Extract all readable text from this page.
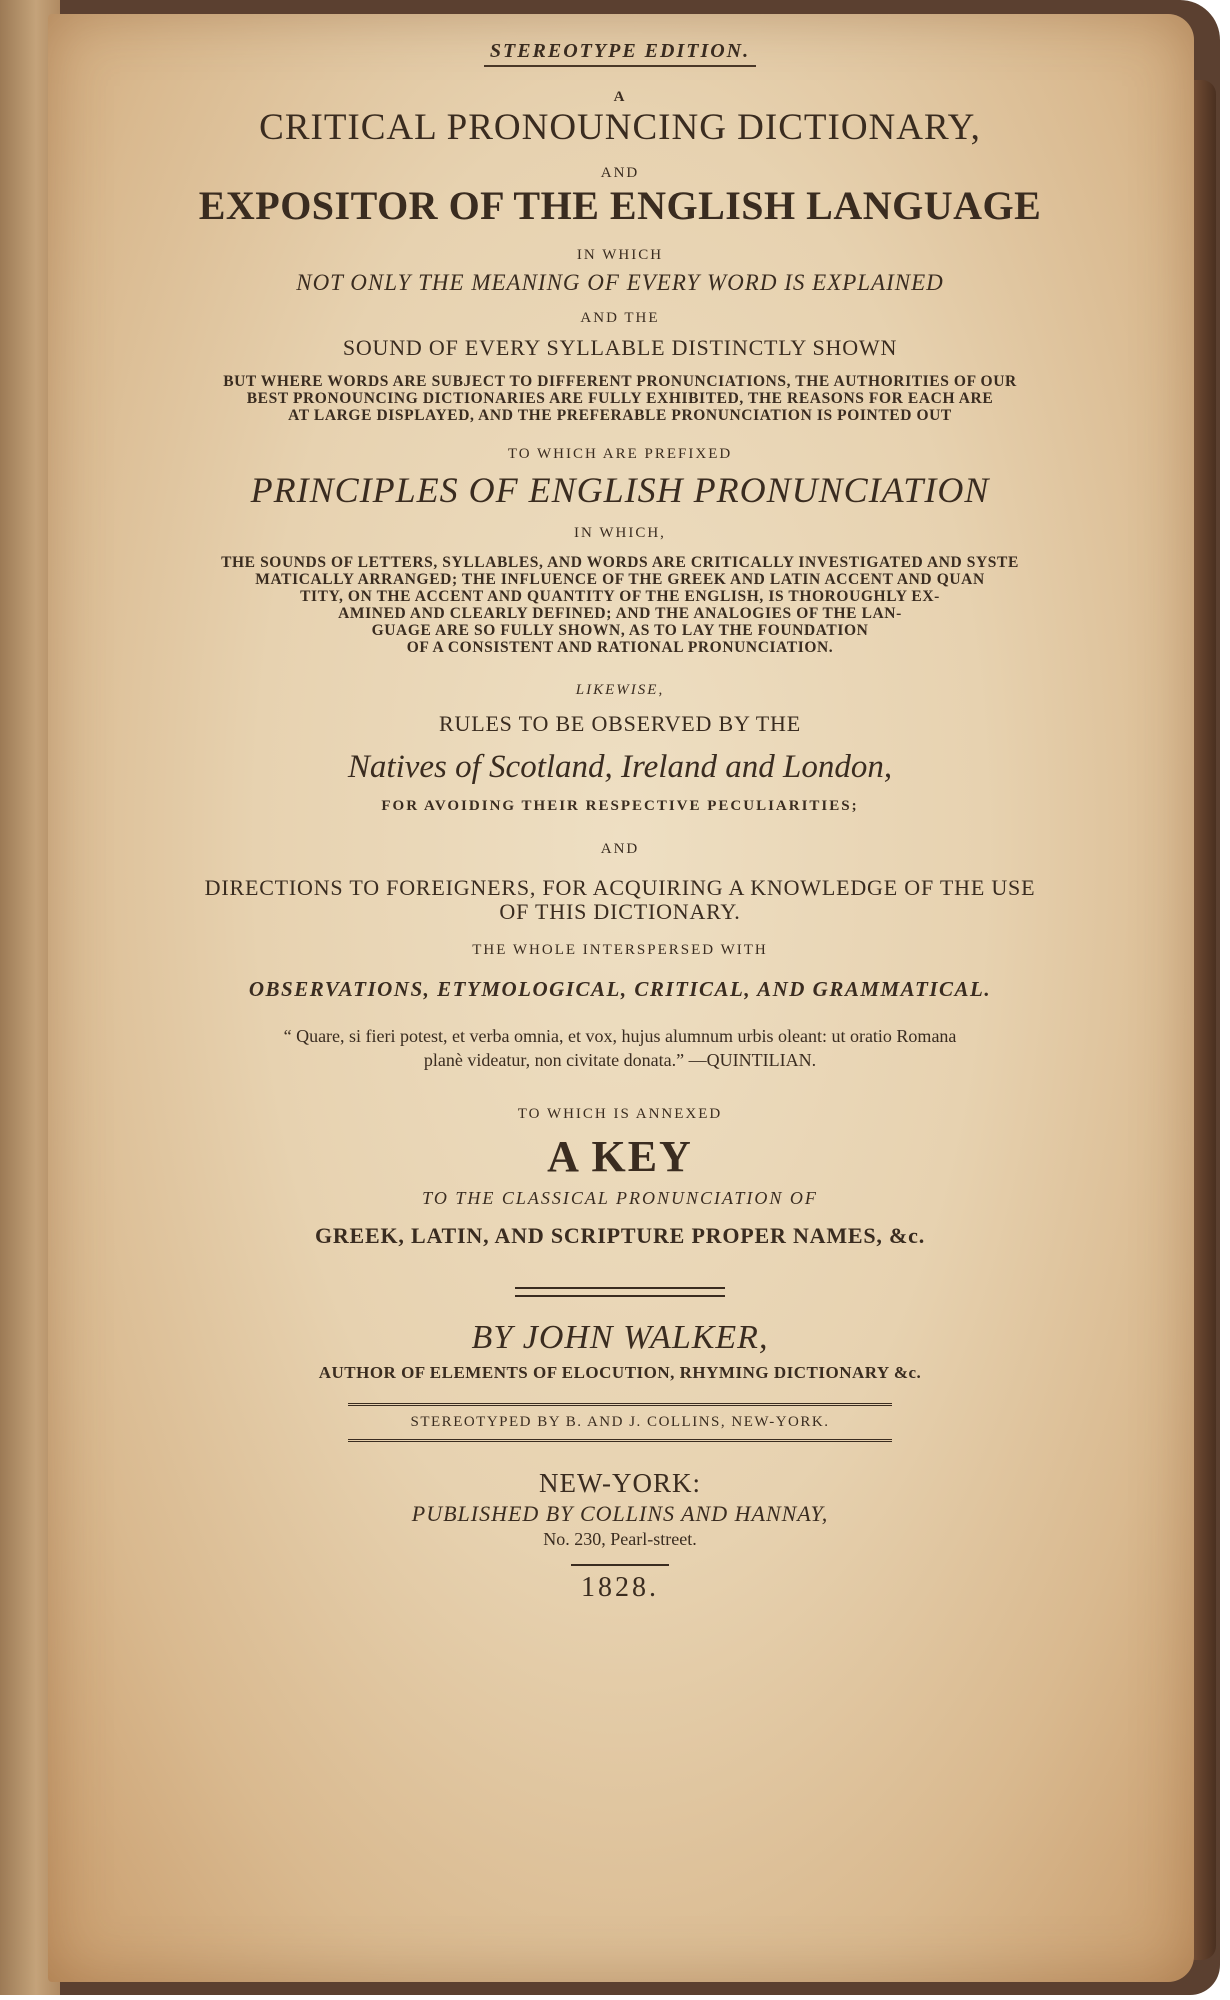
STEREOTYPE EDITION.
A
CRITICAL PRONOUNCING DICTIONARY,
AND
EXPOSITOR OF THE ENGLISH LANGUAGE
IN WHICH
NOT ONLY THE MEANING OF EVERY WORD IS EXPLAINED
AND THE
SOUND OF EVERY SYLLABLE DISTINCTLY SHOWN
BUT WHERE WORDS ARE SUBJECT TO DIFFERENT PRONUNCIATIONS, THE AUTHORITIES OF OUR
BEST PRONOUNCING DICTIONARIES ARE FULLY EXHIBITED, THE REASONS FOR EACH ARE
AT LARGE DISPLAYED, AND THE PREFERABLE PRONUNCIATION IS POINTED OUT
TO WHICH ARE PREFIXED
PRINCIPLES OF ENGLISH PRONUNCIATION
IN WHICH,
THE SOUNDS OF LETTERS, SYLLABLES, AND WORDS ARE CRITICALLY INVESTIGATED AND SYSTE
MATICALLY ARRANGED; THE INFLUENCE OF THE GREEK AND LATIN ACCENT AND QUAN
TITY, ON THE ACCENT AND QUANTITY OF THE ENGLISH, IS THOROUGHLY EX-
AMINED AND CLEARLY DEFINED; AND THE ANALOGIES OF THE LAN-
GUAGE ARE SO FULLY SHOWN, AS TO LAY THE FOUNDATION
OF A CONSISTENT AND RATIONAL PRONUNCIATION.
LIKEWISE,
RULES TO BE OBSERVED BY THE
Natives of Scotland, Ireland and London,
FOR AVOIDING THEIR RESPECTIVE PECULIARITIES;
AND
DIRECTIONS TO FOREIGNERS, FOR ACQUIRING A KNOWLEDGE OF THE USE
OF THIS DICTIONARY.
THE WHOLE INTERSPERSED WITH
OBSERVATIONS, ETYMOLOGICAL, CRITICAL, AND GRAMMATICAL.
“ Quare, si fieri potest, et verba omnia, et vox, hujus alumnum urbis oleant: ut oratio Romana
planè videatur, non civitate donata.” —QUINTILIAN.
TO WHICH IS ANNEXED
A KEY
TO THE CLASSICAL PRONUNCIATION OF
GREEK, LATIN, AND SCRIPTURE PROPER NAMES, &c.
BY JOHN WALKER,
AUTHOR OF ELEMENTS OF ELOCUTION, RHYMING DICTIONARY &c.
STEREOTYPED BY B. AND J. COLLINS, NEW-YORK.
NEW-YORK:
PUBLISHED BY COLLINS AND HANNAY,
No. 230, Pearl-street.
1828.
